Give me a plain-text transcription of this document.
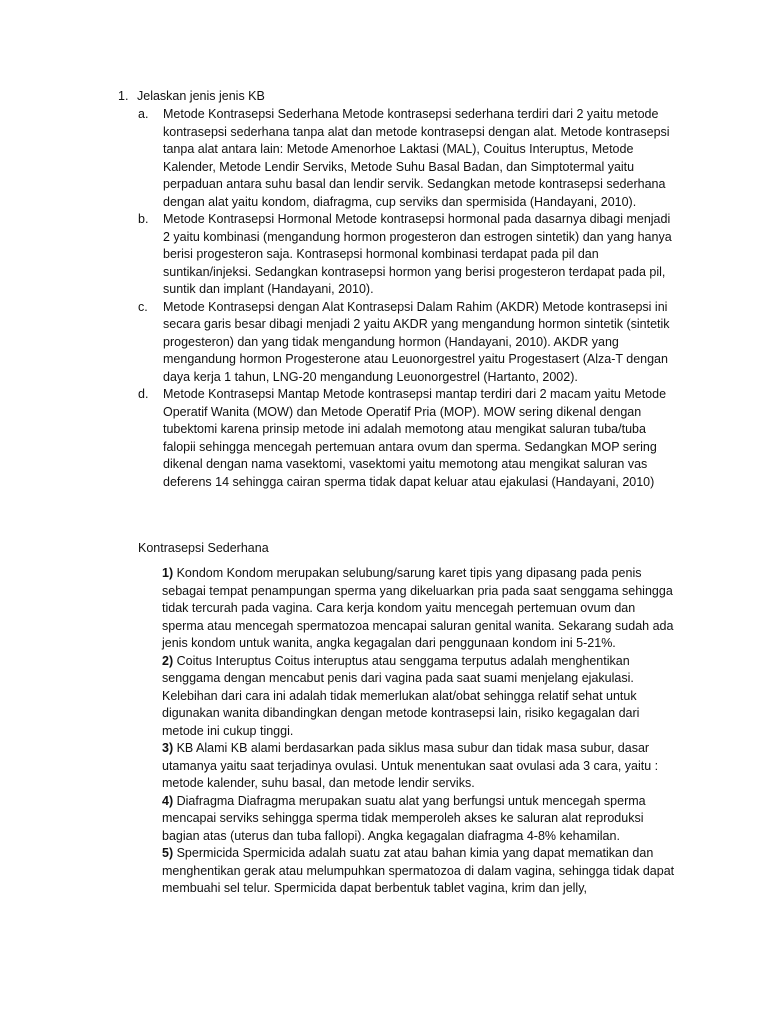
1. Jelaskan jenis jenis KB
a. Metode Kontrasepsi Sederhana Metode kontrasepsi sederhana terdiri dari 2 yaitu metode kontrasepsi sederhana tanpa alat dan metode kontrasepsi dengan alat. Metode kontrasepsi tanpa alat antara lain: Metode Amenorhoe Laktasi (MAL), Couitus Interuptus, Metode Kalender, Metode Lendir Serviks, Metode Suhu Basal Badan, dan Simptotermal yaitu perpaduan antara suhu basal dan lendir servik. Sedangkan metode kontrasepsi sederhana dengan alat yaitu kondom, diafragma, cup serviks dan spermisida (Handayani, 2010).
b. Metode Kontrasepsi Hormonal Metode kontrasepsi hormonal pada dasarnya dibagi menjadi 2 yaitu kombinasi (mengandung hormon progesteron dan estrogen sintetik) dan yang hanya berisi progesteron saja. Kontrasepsi hormonal kombinasi terdapat pada pil dan suntikan/injeksi. Sedangkan kontrasepsi hormon yang berisi progesteron terdapat pada pil, suntik dan implant (Handayani, 2010).
c. Metode Kontrasepsi dengan Alat Kontrasepsi Dalam Rahim (AKDR) Metode kontrasepsi ini secara garis besar dibagi menjadi 2 yaitu AKDR yang mengandung hormon sintetik (sintetik progesteron) dan yang tidak mengandung hormon (Handayani, 2010). AKDR yang mengandung hormon Progesterone atau Leuonorgestrel yaitu Progestasert (Alza-T dengan daya kerja 1 tahun, LNG-20 mengandung Leuonorgestrel (Hartanto, 2002).
d. Metode Kontrasepsi Mantap Metode kontrasepsi mantap terdiri dari 2 macam yaitu Metode Operatif Wanita (MOW) dan Metode Operatif Pria (MOP). MOW sering dikenal dengan tubektomi karena prinsip metode ini adalah memotong atau mengikat saluran tuba/tuba falopii sehingga mencegah pertemuan antara ovum dan sperma. Sedangkan MOP sering dikenal dengan nama vasektomi, vasektomi yaitu memotong atau mengikat saluran vas deferens 14 sehingga cairan sperma tidak dapat keluar atau ejakulasi (Handayani, 2010)
Kontrasepsi Sederhana
1) Kondom Kondom merupakan selubung/sarung karet tipis yang dipasang pada penis sebagai tempat penampungan sperma yang dikeluarkan pria pada saat senggama sehingga tidak tercurah pada vagina. Cara kerja kondom yaitu mencegah pertemuan ovum dan sperma atau mencegah spermatozoa mencapai saluran genital wanita. Sekarang sudah ada jenis kondom untuk wanita, angka kegagalan dari penggunaan kondom ini 5-21%.
2) Coitus Interuptus Coitus interuptus atau senggama terputus adalah menghentikan senggama dengan mencabut penis dari vagina pada saat suami menjelang ejakulasi. Kelebihan dari cara ini adalah tidak memerlukan alat/obat sehingga relatif sehat untuk digunakan wanita dibandingkan dengan metode kontrasepsi lain, risiko kegagalan dari metode ini cukup tinggi.
3) KB Alami KB alami berdasarkan pada siklus masa subur dan tidak masa subur, dasar utamanya yaitu saat terjadinya ovulasi. Untuk menentukan saat ovulasi ada 3 cara, yaitu : metode kalender, suhu basal, dan metode lendir serviks.
4) Diafragma Diafragma merupakan suatu alat yang berfungsi untuk mencegah sperma mencapai serviks sehingga sperma tidak memperoleh akses ke saluran alat reproduksi bagian atas (uterus dan tuba fallopi). Angka kegagalan diafragma 4-8% kehamilan.
5) Spermicida Spermicida adalah suatu zat atau bahan kimia yang dapat mematikan dan menghentikan gerak atau melumpuhkan spermatozoa di dalam vagina, sehingga tidak dapat membuahi sel telur. Spermicida dapat berbentuk tablet vagina, krim dan jelly,
